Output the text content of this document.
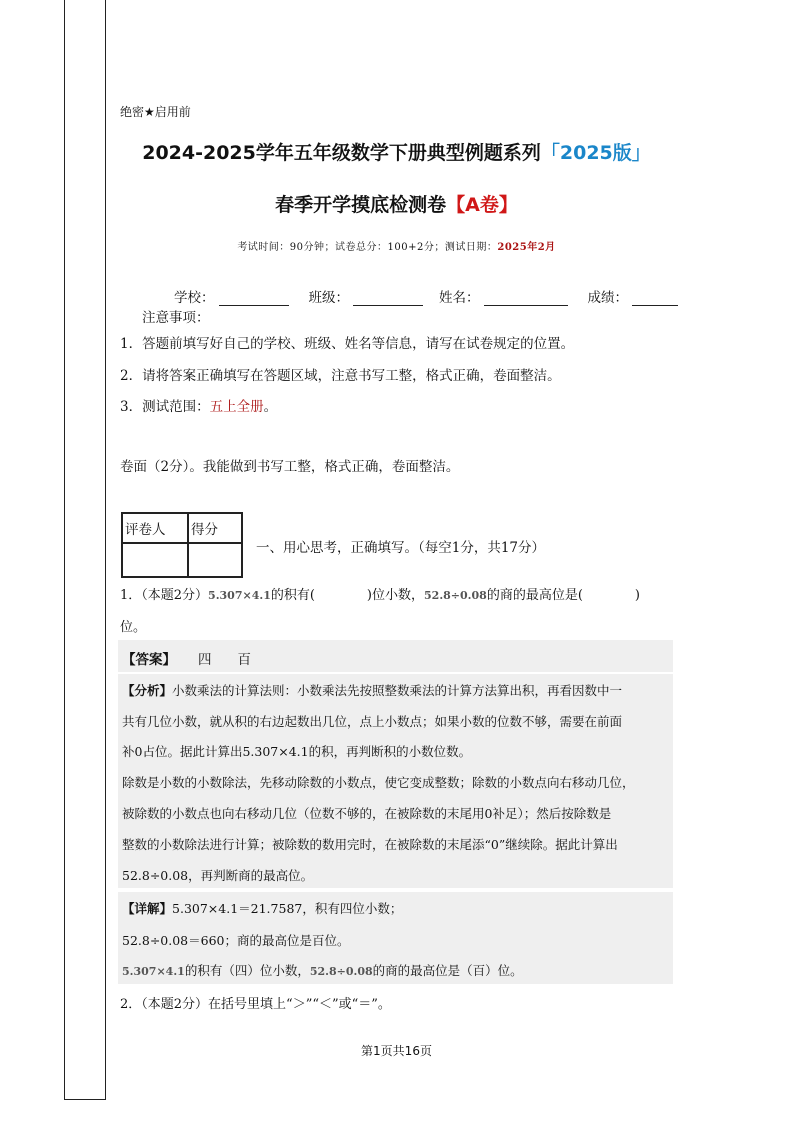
绝密★启用前
2024-2025学年五年级数学下册典型例题系列「2025版」
春季开学摸底检测卷【A卷】
考试时间：90分钟；试卷总分：100+2分；测试日期：2025年2月
学校：	班级：	姓名：	成绩：
注意事项：
1．答题前填写好自己的学校、班级、姓名等信息，请写在试卷规定的位置。
2．请将答案正确填写在答题区域，注意书写工整，格式正确，卷面整洁。
3．测试范围：五上全册。
卷面（2分）。我能做到书写工整，格式正确，卷面整洁。
评卷人	得分

一、用心思考，正确填写。（每空1分，共17分）
1．（本题2分）5.307×4.1的积有(　　　　)位小数，52.8÷0.08的商的最高位是(　　　　)
位。
【答案】 四 百
【分析】小数乘法的计算法则：小数乘法先按照整数乘法的计算方法算出积，再看因数中一
共有几位小数，就从积的右边起数出几位，点上小数点；如果小数的位数不够，需要在前面
补0占位。据此计算出5.307×4.1的积，再判断积的小数位数。
除数是小数的小数除法，先移动除数的小数点，使它变成整数；除数的小数点向右移动几位，
被除数的小数点也向右移动几位（位数不够的，在被除数的末尾用0补足）；然后按除数是
整数的小数除法进行计算；被除数的数用完时，在被除数的末尾添“0”继续除。据此计算出
52.8÷0.08，再判断商的最高位。
【详解】5.307×4.1＝21.7587，积有四位小数；
52.8÷0.08＝660；商的最高位是百位。
5.307×4.1的积有（四）位小数，52.8÷0.08的商的最高位是（百）位。
2．（本题2分）在括号里填上“＞”“＜”或“＝”。
第1页共16页
